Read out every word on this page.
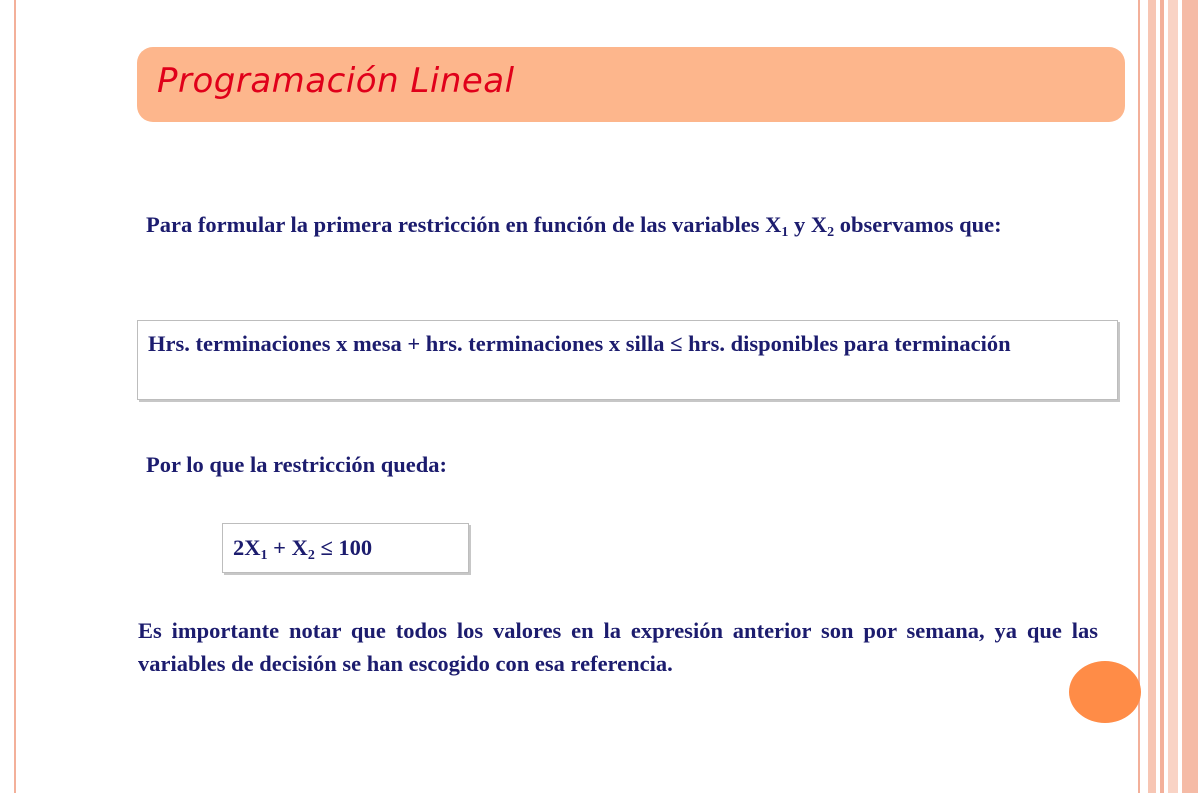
Programación Lineal
Para formular la primera restricción en función de las variables $X_1$ y $X_2$ observamos que:
Hrs. terminaciones x mesa + hrs. terminaciones x silla ≤ hrs. disponibles para terminación
Por lo que la restricción queda:
$2X_1 + X_2 \le 100$
Es importante notar que todos los valores en la expresión anterior son por semana, ya que las variables de decisión se han escogido con esa referencia.
